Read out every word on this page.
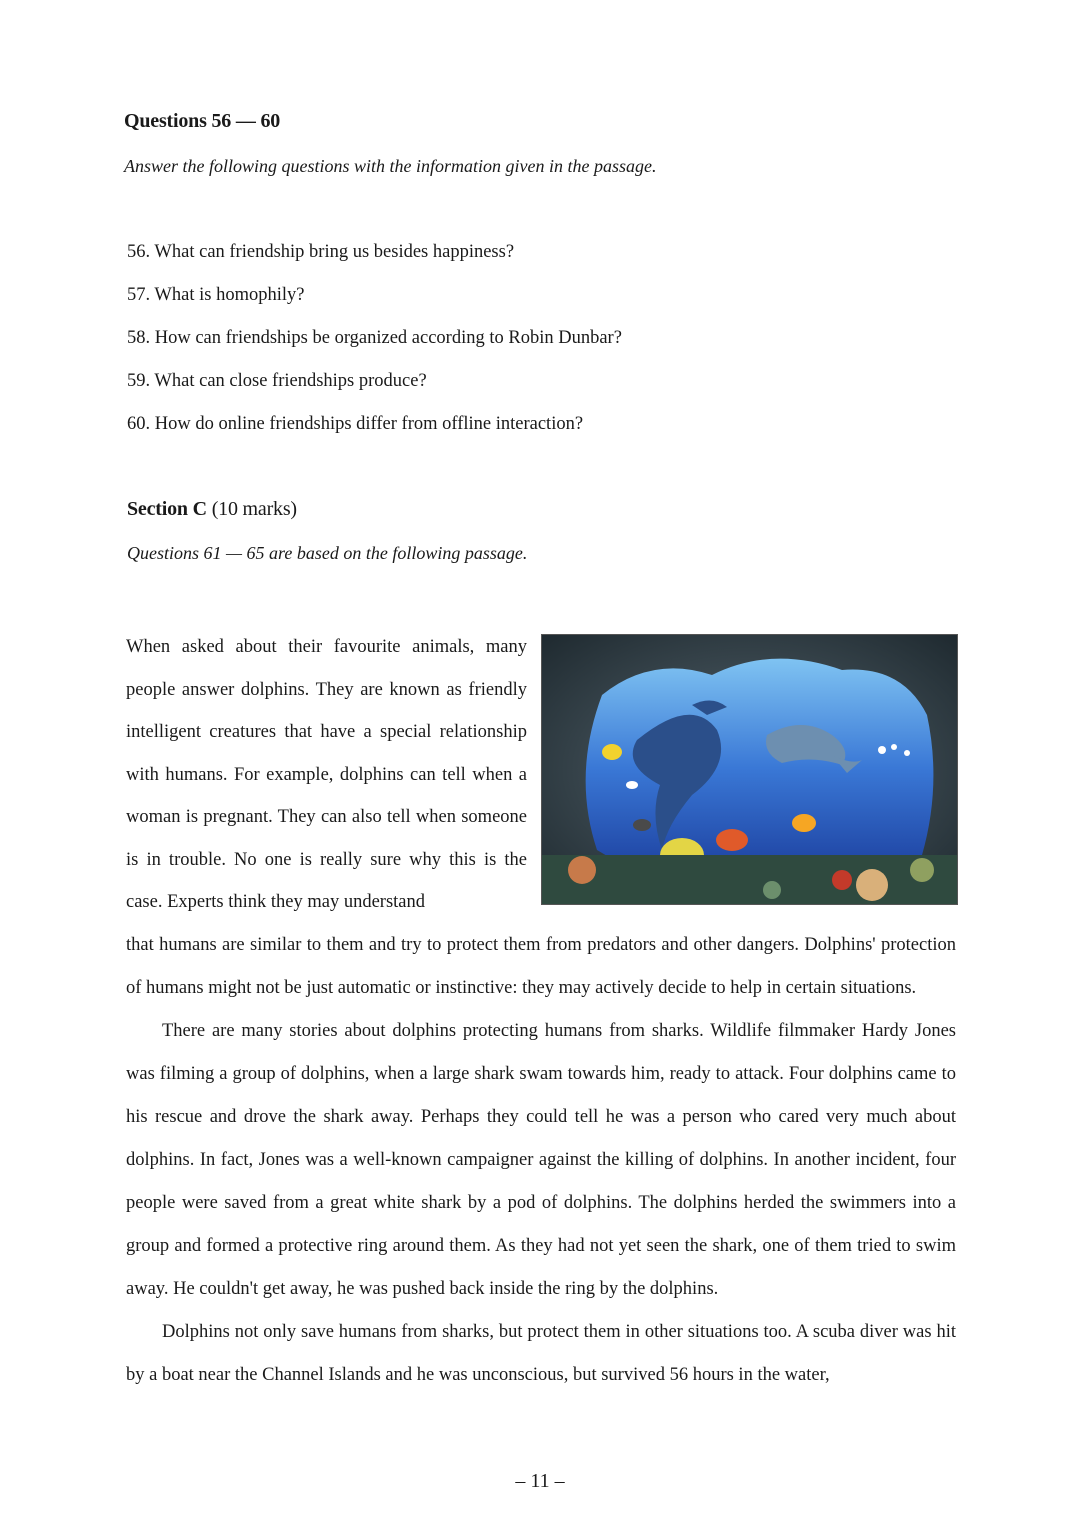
Questions 56 — 60
Answer the following questions with the information given in the passage.
56. What can friendship bring us besides happiness?
57. What is homophily?
58. How can friendships be organized according to Robin Dunbar?
59. What can close friendships produce?
60. How do online friendships differ from offline interaction?
Section C (10 marks)
Questions 61 — 65 are based on the following passage.

When asked about their favourite animals, many people answer dolphins. They are known as friendly intelligent creatures that have a special relationship with humans. For example, dolphins can tell when a woman is pregnant. They can also tell when someone is in trouble. No one is really sure why this is the case. Experts think they may understand

that humans are similar to them and try to protect them from predators and other dangers. Dolphins' protection of humans might not be just automatic or instinctive: they may actively decide to help in certain situations.

There are many stories about dolphins protecting humans from sharks. Wildlife filmmaker Hardy Jones was filming a group of dolphins, when a large shark swam towards him, ready to attack. Four dolphins came to his rescue and drove the shark away. Perhaps they could tell he was a person who cared very much about dolphins. In fact, Jones was a well-known campaigner against the killing of dolphins. In another incident, four people were saved from a great white shark by a pod of dolphins. The dolphins herded the swimmers into a group and formed a protective ring around them. As they had not yet seen the shark, one of them tried to swim away. He couldn't get away, he was pushed back inside the ring by the dolphins.

Dolphins not only save humans from sharks, but protect them in other situations too. A scuba diver was hit by a boat near the Channel Islands and he was unconscious, but survived 56 hours in the water,

– 11 –
